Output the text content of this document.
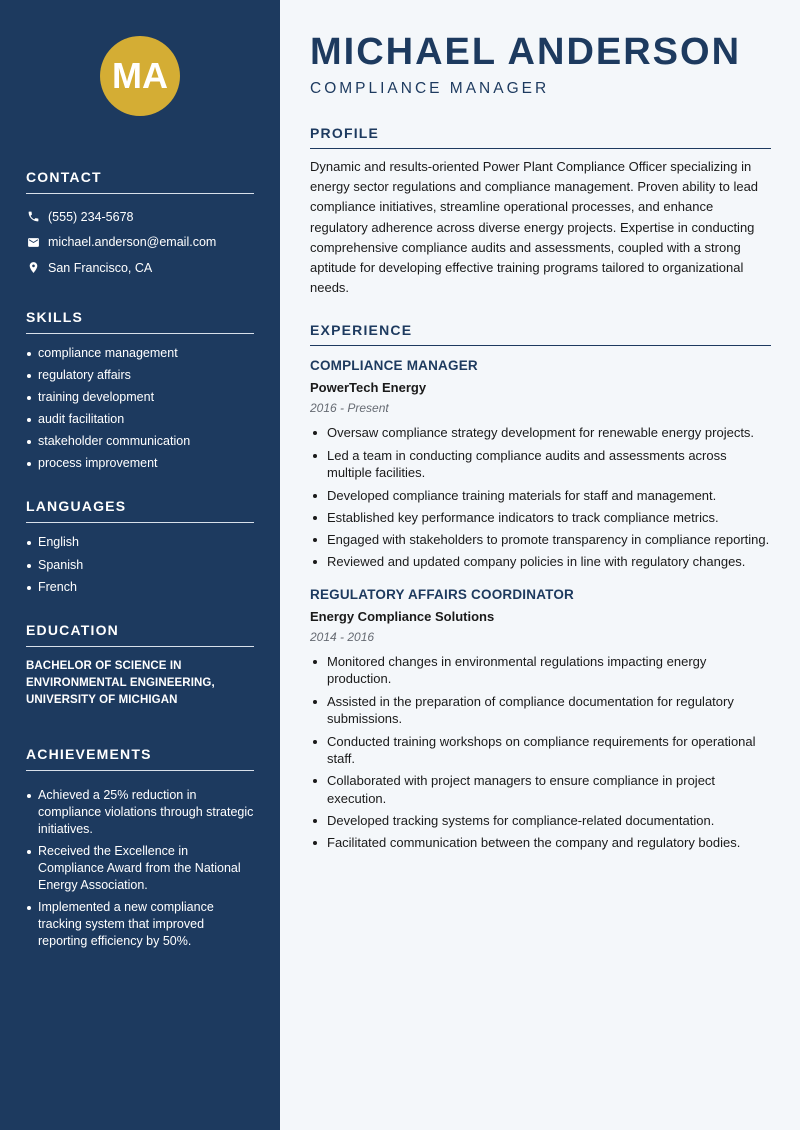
MA
CONTACT
(555) 234-5678
michael.anderson@email.com
San Francisco, CA
SKILLS
compliance management
regulatory affairs
training development
audit facilitation
stakeholder communication
process improvement
LANGUAGES
English
Spanish
French
EDUCATION

BACHELOR OF SCIENCE IN ENVIRONMENTAL ENGINEERING, UNIVERSITY OF MICHIGAN

ACHIEVEMENTS
Achieved a 25% reduction in compliance violations through strategic initiatives.
Received the Excellence in Compliance Award from the National Energy Association.
Implemented a new compliance tracking system that improved reporting efficiency by 50%.
MICHAEL ANDERSON
COMPLIANCE MANAGER
PROFILE

Dynamic and results-oriented Power Plant Compliance Officer specializing in energy sector regulations and compliance management. Proven ability to lead compliance initiatives, streamline operational processes, and enhance regulatory adherence across diverse energy projects. Expertise in conducting comprehensive compliance audits and assessments, coupled with a strong aptitude for developing effective training programs tailored to organizational needs.

EXPERIENCE
COMPLIANCE MANAGER
PowerTech Energy
2016 - Present
Oversaw compliance strategy development for renewable energy projects.
Led a team in conducting compliance audits and assessments across multiple facilities.
Developed compliance training materials for staff and management.
Established key performance indicators to track compliance metrics.
Engaged with stakeholders to promote transparency in compliance reporting.
Reviewed and updated company policies in line with regulatory changes.
REGULATORY AFFAIRS COORDINATOR
Energy Compliance Solutions
2014 - 2016
Monitored changes in environmental regulations impacting energy production.
Assisted in the preparation of compliance documentation for regulatory submissions.
Conducted training workshops on compliance requirements for operational staff.
Collaborated with project managers to ensure compliance in project execution.
Developed tracking systems for compliance-related documentation.
Facilitated communication between the company and regulatory bodies.
